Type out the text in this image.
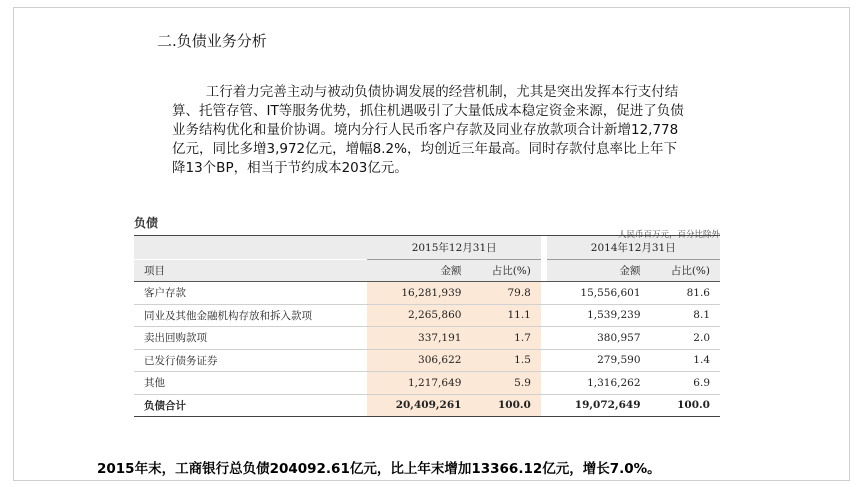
二.负债业务分析

工行着力完善主动与被动负债协调发展的经营机制，尤其是突出发挥本行支付结算、托管存管、IT等服务优势，抓住机遇吸引了大量低成本稳定资金来源，促进了负债业务结构优化和量价协调。境内分行人民币客户存款及同业存放款项合计新增12,778亿元，同比多增3,972亿元，增幅8.2%，均创近三年最高。同时存款付息率比上年下降13个BP，相当于节约成本203亿元。

负债
人民币百万元，百分比除外
	2015年12月31日			2014年12月31日	
项目	金额	占比(%)		金额	占比(%)
客户存款	16,281,939	79.8		15,556,601	81.6
同业及其他金融机构存放和拆入款项	2,265,860	11.1		1,539,239	8.1
卖出回购款项	337,191	1.7		380,957	2.0
已发行债务证券	306,622	1.5		279,590	1.4
其他	1,217,649	5.9		1,316,262	6.9
负债合计	20,409,261	100.0		19,072,649	100.0
2015年末，工商银行总负债204092.61亿元，比上年末增加13366.12亿元，增长7.0%。
